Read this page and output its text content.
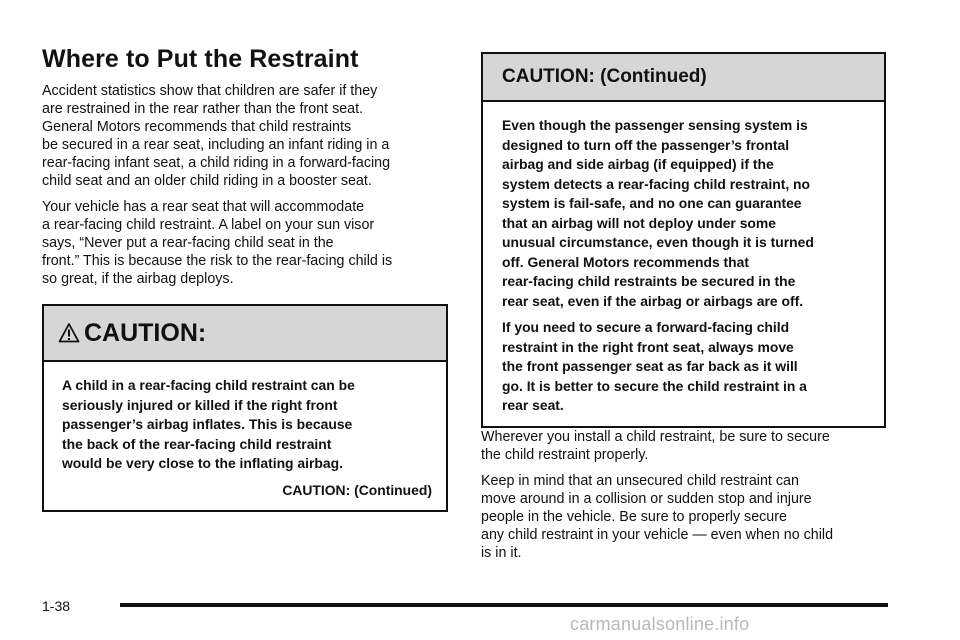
Where to Put the Restraint

Accident statistics show that children are safer if they
are restrained in the rear rather than the front seat.
General Motors recommends that child restraints
be secured in a rear seat, including an infant riding in a
rear-facing infant seat, a child riding in a forward-facing
child seat and an older child riding in a booster seat.

Your vehicle has a rear seat that will accommodate
a rear-facing child restraint. A label on your sun visor
says, “Never put a rear-facing child seat in the
front.” This is because the risk to the rear-facing child is
so great, if the airbag deploys.

CAUTION:

A child in a rear-facing child restraint can be
seriously injured or killed if the right front
passenger’s airbag inflates. This is because
the back of the rear-facing child restraint
would be very close to the inflating airbag.

CAUTION: (Continued)
CAUTION: (Continued)

Even though the passenger sensing system is
designed to turn off the passenger’s frontal
airbag and side airbag (if equipped) if the
system detects a rear-facing child restraint, no
system is fail-safe, and no one can guarantee
that an airbag will not deploy under some
unusual circumstance, even though it is turned
off. General Motors recommends that
rear-facing child restraints be secured in the
rear seat, even if the airbag or airbags are off.

If you need to secure a forward-facing child
restraint in the right front seat, always move
the front passenger seat as far back as it will
go. It is better to secure the child restraint in a
rear seat.

Wherever you install a child restraint, be sure to secure
the child restraint properly.

Keep in mind that an unsecured child restraint can
move around in a collision or sudden stop and injure
people in the vehicle. Be sure to properly secure
any child restraint in your vehicle — even when no child
is in it.

1-38
carmanualsonline.info
